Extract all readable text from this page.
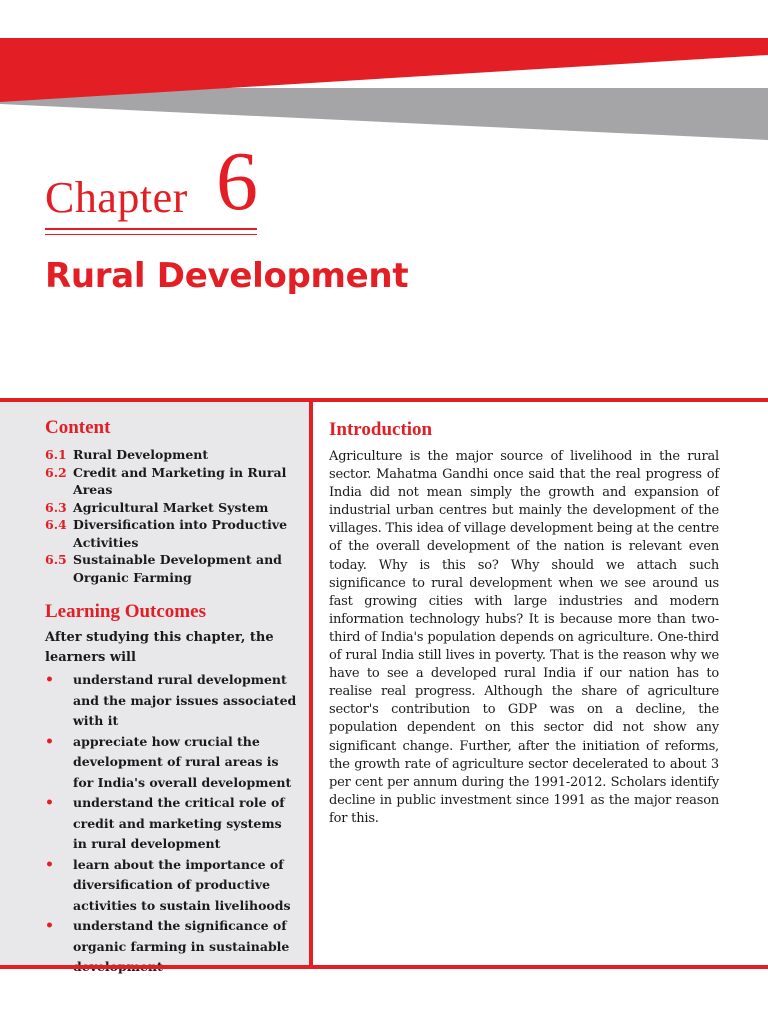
Chapter 6
Rural Development
Content
6.1 Rural Development
6.2 Credit and Marketing in Rural Areas
6.3 Agricultural Market System
6.4 Diversification into Productive Activities
6.5 Sustainable Development and Organic Farming
Learning Outcomes

After studying this chapter, the learners will

•	understand rural development and the major issues associated with it
•	appreciate how crucial the development of rural areas is for India's overall development
•	understand the critical role of credit and marketing systems in rural development
•	learn about the importance of diversification of productive activities to sustain livelihoods
•	understand the significance of organic farming in sustainable
Introduction

Agriculture is the major source of livelihood in the rural sector. Mahatma Gandhi once said that the real progress of India did not mean simply the growth and expansion of industrial urban centres but mainly the development of the villages. This idea of village development being at the centre of the overall development of the nation is relevant even today. Why is this so? Why should we attach such significance to rural development when we see around us fast growing cities with large industries and modern information technology hubs? It is because more than two-third of India's population depends on agriculture. One-third of rural India still lives in poverty. That is the reason why we have to see a developed rural India if our nation has to realise real progress. Although the share of agriculture sector's contribution to GDP was on a decline, the population dependent on this sector did not show any significant change. Further, after the initiation of reforms, the growth rate of agriculture sector decelerated to about 3 per cent per annum during the 1991-2012. Scholars identify decline in public investment since 1991 as the major reason for this.
